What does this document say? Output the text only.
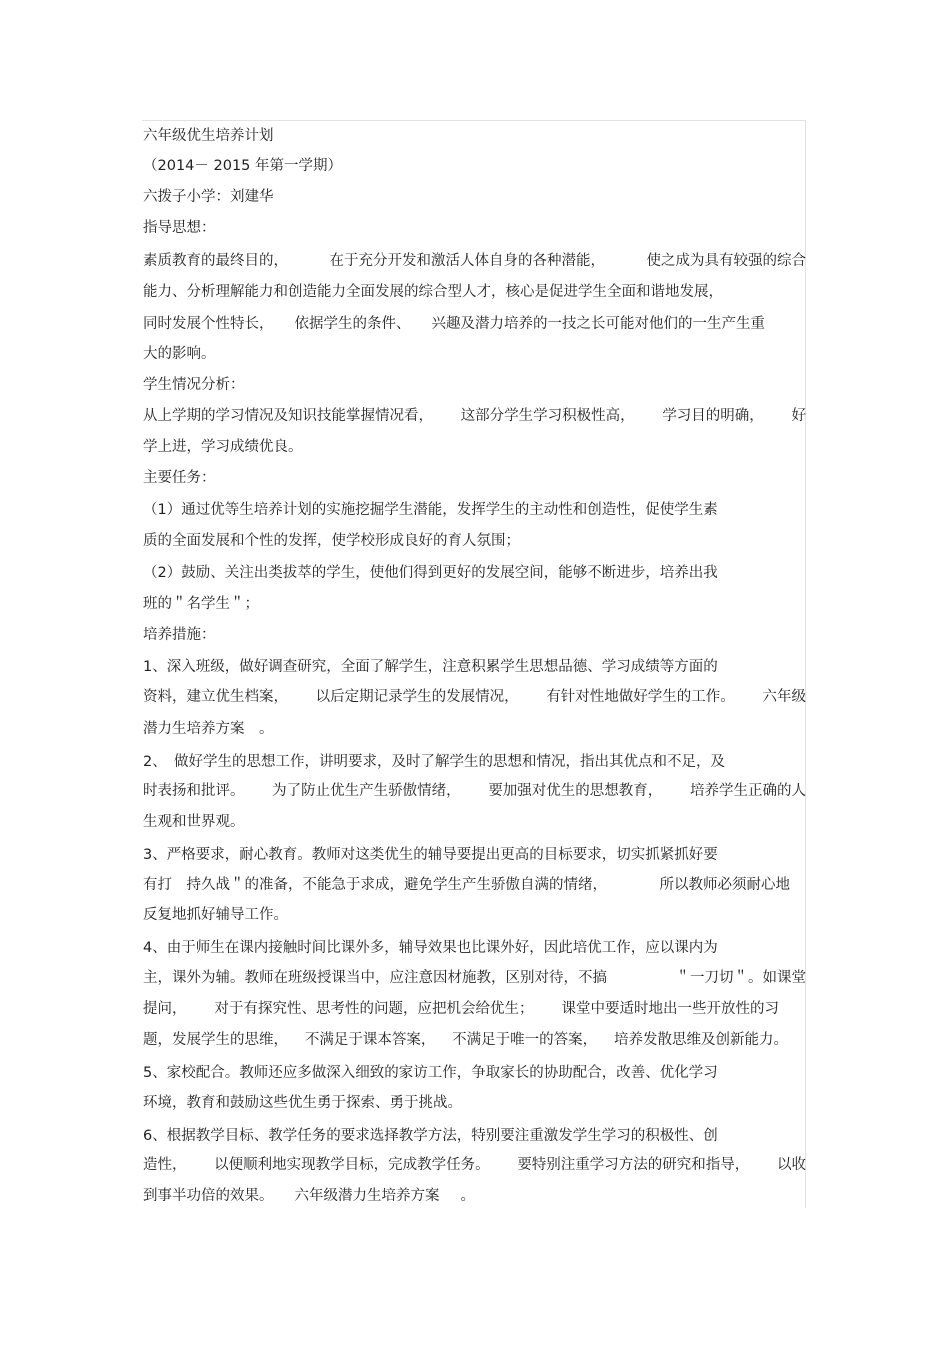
六年级优生培养计划
（2014－ 2015 年第一学期）
六拨子小学：刘建华
指导思想：
素质教育的最终目的，	在于充分开发和激活人体自身的各种潜能，	使之成为具有较强的综合
能力、分析理解能力和创造能力全面发展的综合型人才，核心是促进学生全面和谐地发展，
同时发展个性特长， 依据学生的条件、 兴趣及潜力培养的一技之长可能对他们的一生产生重
大的影响。
学生情况分析：
从上学期的学习情况及知识技能掌握情况看， 这部分学生学习积极性高， 学习目的明确， 好
学上进，学习成绩优良。
主要任务：
（1）通过优等生培养计划的实施挖掘学生潜能，发挥学生的主动性和创造性，促使学生素
质的全面发展和个性的发挥，使学校形成良好的育人氛围；
（2）鼓励、关注出类拔萃的学生，使他们得到更好的发展空间，能够不断进步，培养出我
班的＂名学生＂；
培养措施：
1、深入班级，做好调查研究，全面了解学生，注意积累学生思想品德、学习成绩等方面的
资料，建立优生档案， 以后定期记录学生的发展情况， 有针对性地做好学生的工作。 六年级
潜力生培养方案　。
2、　做好学生的思想工作，讲明要求，及时了解学生的思想和情况，指出其优点和不足，及
时表扬和批评。 为了防止优生产生骄傲情绪， 要加强对优生的思想教育， 培养学生正确的人
生观和世界观。
3、严格要求，耐心教育。教师对这类优生的辅导要提出更高的目标要求，切实抓紧抓好要
有打　持久战＂的准备，不能急于求成，避免学生产生骄傲自满的情绪，	所以教师必须耐心地
反复地抓好辅导工作。
4、由于师生在课内接触时间比课外多，辅导效果也比课外好，因此培优工作，应以课内为
主，课外为辅。教师在班级授课当中，应注意因材施教，区别对待，不搞	＂一刀切＂。如课堂
提问， 对于有探究性、思考性的问题，应把机会给优生； 课堂中要适时地出一些开放性的习
题，发展学生的思维， 不满足于课本答案， 不满足于唯一的答案， 培养发散思维及创新能力。
5、家校配合。教师还应多做深入细致的家访工作，争取家长的协助配合，改善、优化学习
环境，教育和鼓励这些优生勇于探索、勇于挑战。
6、根据教学目标、教学任务的要求选择教学方法，特别要注重激发学生学习的积极性、创
造性， 以便顺利地实现教学目标，完成教学任务。 要特别注重学习方法的研究和指导， 以收
到事半功倍的效果。 六年级潜力生培养方案 。
